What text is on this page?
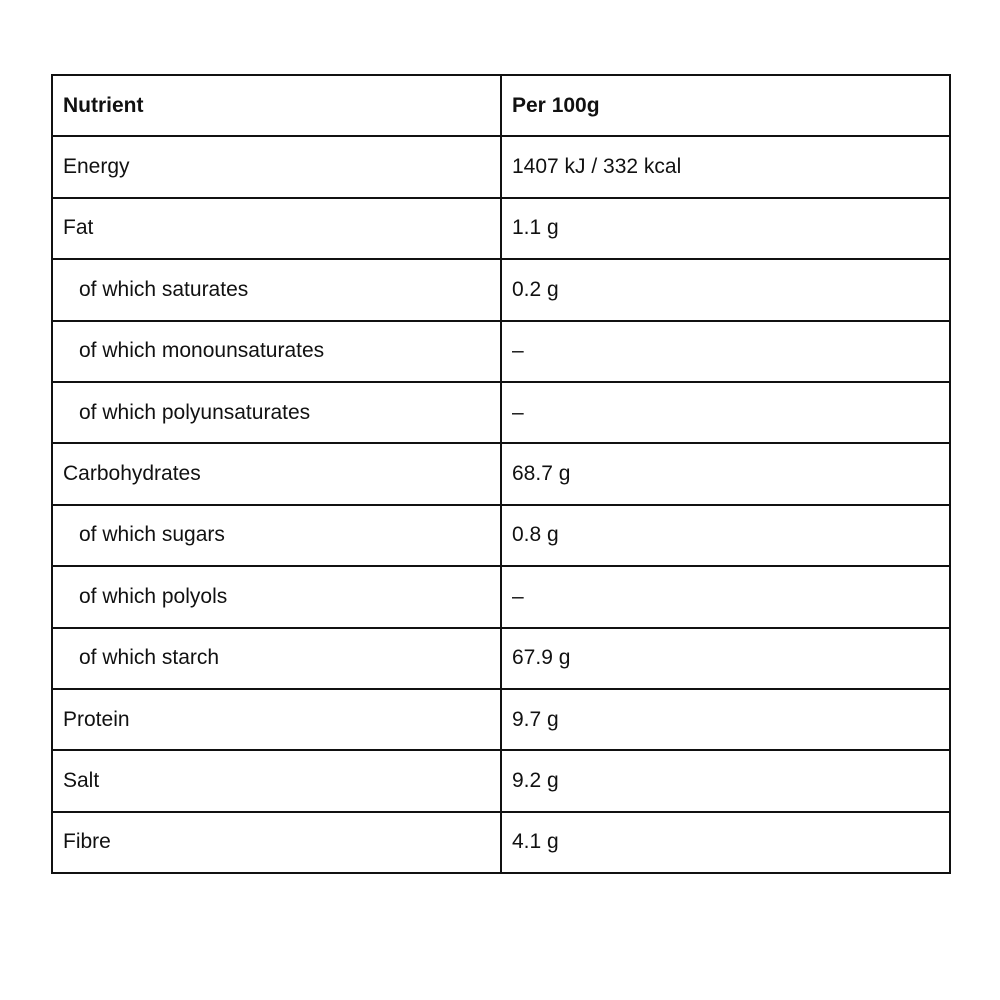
Nutrient	Per 100g
Energy	1407 kJ / 332 kcal
Fat	1.1 g
of which saturates	0.2 g
of which monounsaturates	–
of which polyunsaturates	–
Carbohydrates	68.7 g
of which sugars	0.8 g
of which polyols	–
of which starch	67.9 g
Protein	9.7 g
Salt	9.2 g
Fibre	4.1 g
